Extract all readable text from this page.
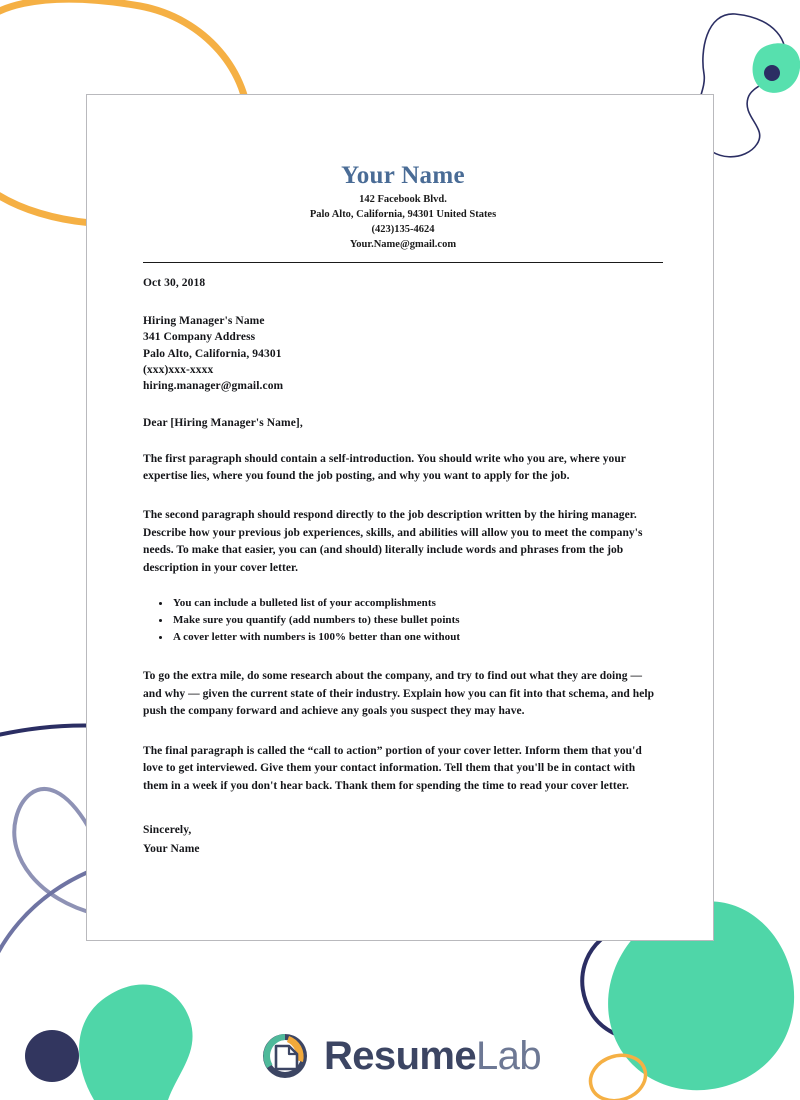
Your Name
142 Facebook Blvd.
Palo Alto, California, 94301 United States
(423)135-4624
Your.Name@gmail.com
Oct 30, 2018
Hiring Manager's Name
341 Company Address
Palo Alto, California, 94301
(xxx)xxx-xxxx
hiring.manager@gmail.com
Dear [Hiring Manager's Name],

The first paragraph should contain a self-introduction. You should write who you are, where your expertise lies, where you found the job posting, and why you want to apply for the job.

The second paragraph should respond directly to the job description written by the hiring manager. Describe how your previous job experiences, skills, and abilities will allow you to meet the company's needs. To make that easier, you can (and should) literally include words and phrases from the job description in your cover letter.

You can include a bulleted list of your accomplishments
Make sure you quantify (add numbers to) these bullet points
A cover letter with numbers is 100% better than one without

To go the extra mile, do some research about the company, and try to find out what they are doing — and why — given the current state of their industry. Explain how you can fit into that schema, and help push the company forward and achieve any goals you suspect they may have.

The final paragraph is called the “call to action” portion of your cover letter. Inform them that you'd love to get interviewed. Give them your contact information. Tell them that you'll be in contact with them in a week if you don't hear back. Thank them for spending the time to read your cover letter.

Sincerely,
Your Name
ResumeLab
